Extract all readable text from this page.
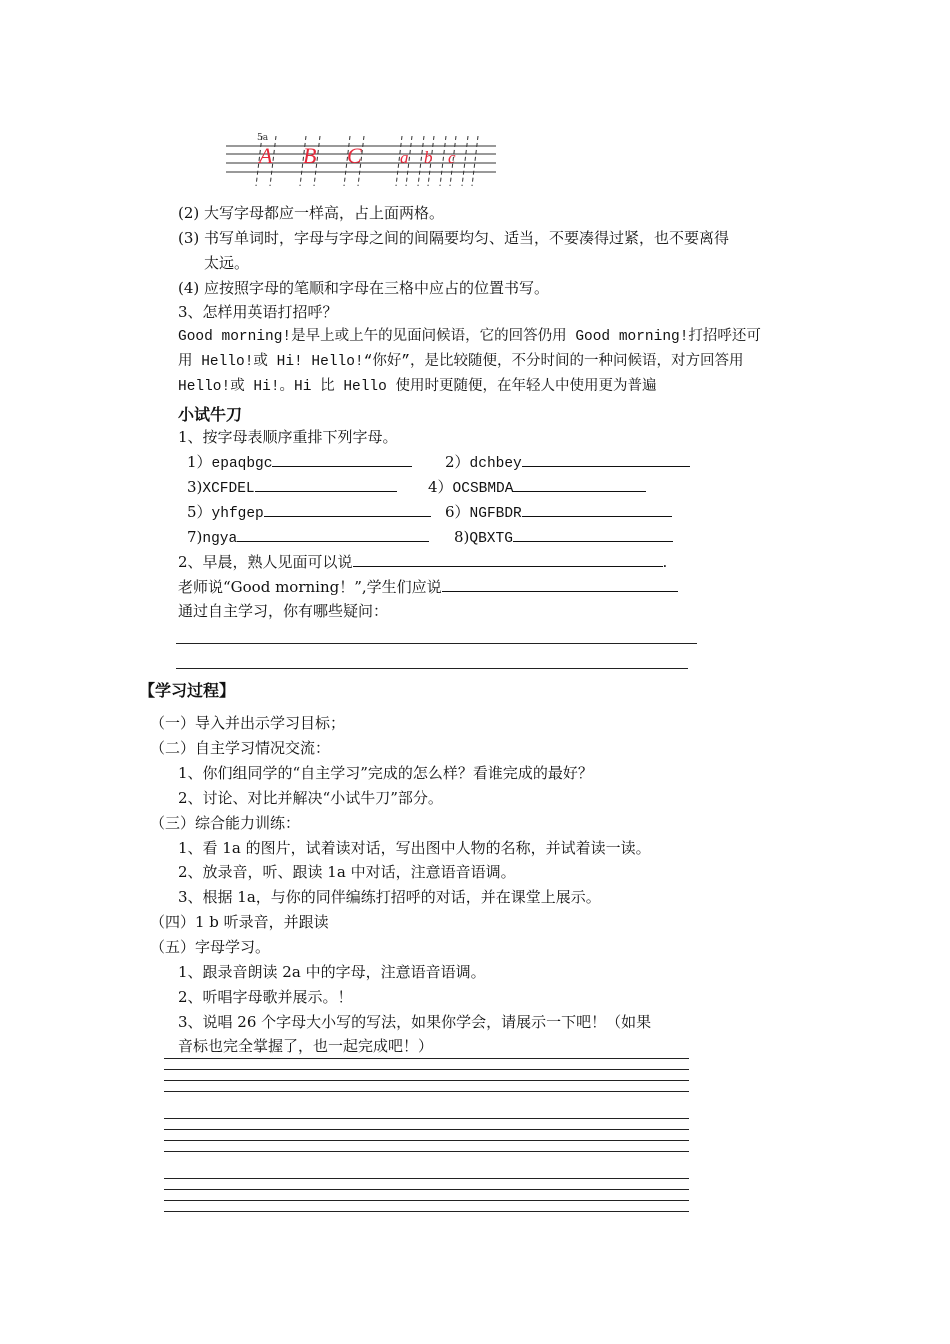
5a
A B C a b c
(2) 大写字母都应一样高，占上面两格。
(3) 书写单词时，字母与字母之间的间隔要均匀、适当，不要凑得过紧，也不要离得
太远。
(4) 应按照字母的笔顺和字母在三格中应占的位置书写。
3、怎样用英语打招呼？
Good morning!是早上或上午的见面问候语，它的回答仍用 Good morning!打招呼还可
用 Hello!或 Hi! Hello!“你好”，是比较随便，不分时间的一种问候语，对方回答用
Hello!或 Hi!。Hi 比 Hello 使用时更随便，在年轻人中使用更为普遍
小试牛刀
1、按字母表顺序重排下列字母。
1）epaqbgc	2）dchbey
3)XCFDEL	4）OCSBMDA
5）yhfgep	6）NGFBDR
7)ngya	8)QBXTG
2、早晨，熟人见面可以说	.
老师说“Good morning！”,学生们应说
通过自主学习，你有哪些疑问：
【学习过程】
（一）导入并出示学习目标；
（二）自主学习情况交流：
1、你们组同学的“自主学习”完成的怎么样？看谁完成的最好？
2、讨论、对比并解决“小试牛刀”部分。
（三）综合能力训练：
1、看 1a 的图片，试着读对话，写出图中人物的名称，并试着读一读。
2、放录音，听、跟读 1a 中对话，注意语音语调。
3、根据 1a，与你的同伴编练打招呼的对话，并在课堂上展示。
（四）1 b 听录音，并跟读
（五）字母学习。
1、跟录音朗读 2a 中的字母，注意语音语调。
2、听唱字母歌并展示。！
3、说唱 26 个字母大小写的写法，如果你学会，请展示一下吧！（如果
音标也完全掌握了，也一起完成吧！）
